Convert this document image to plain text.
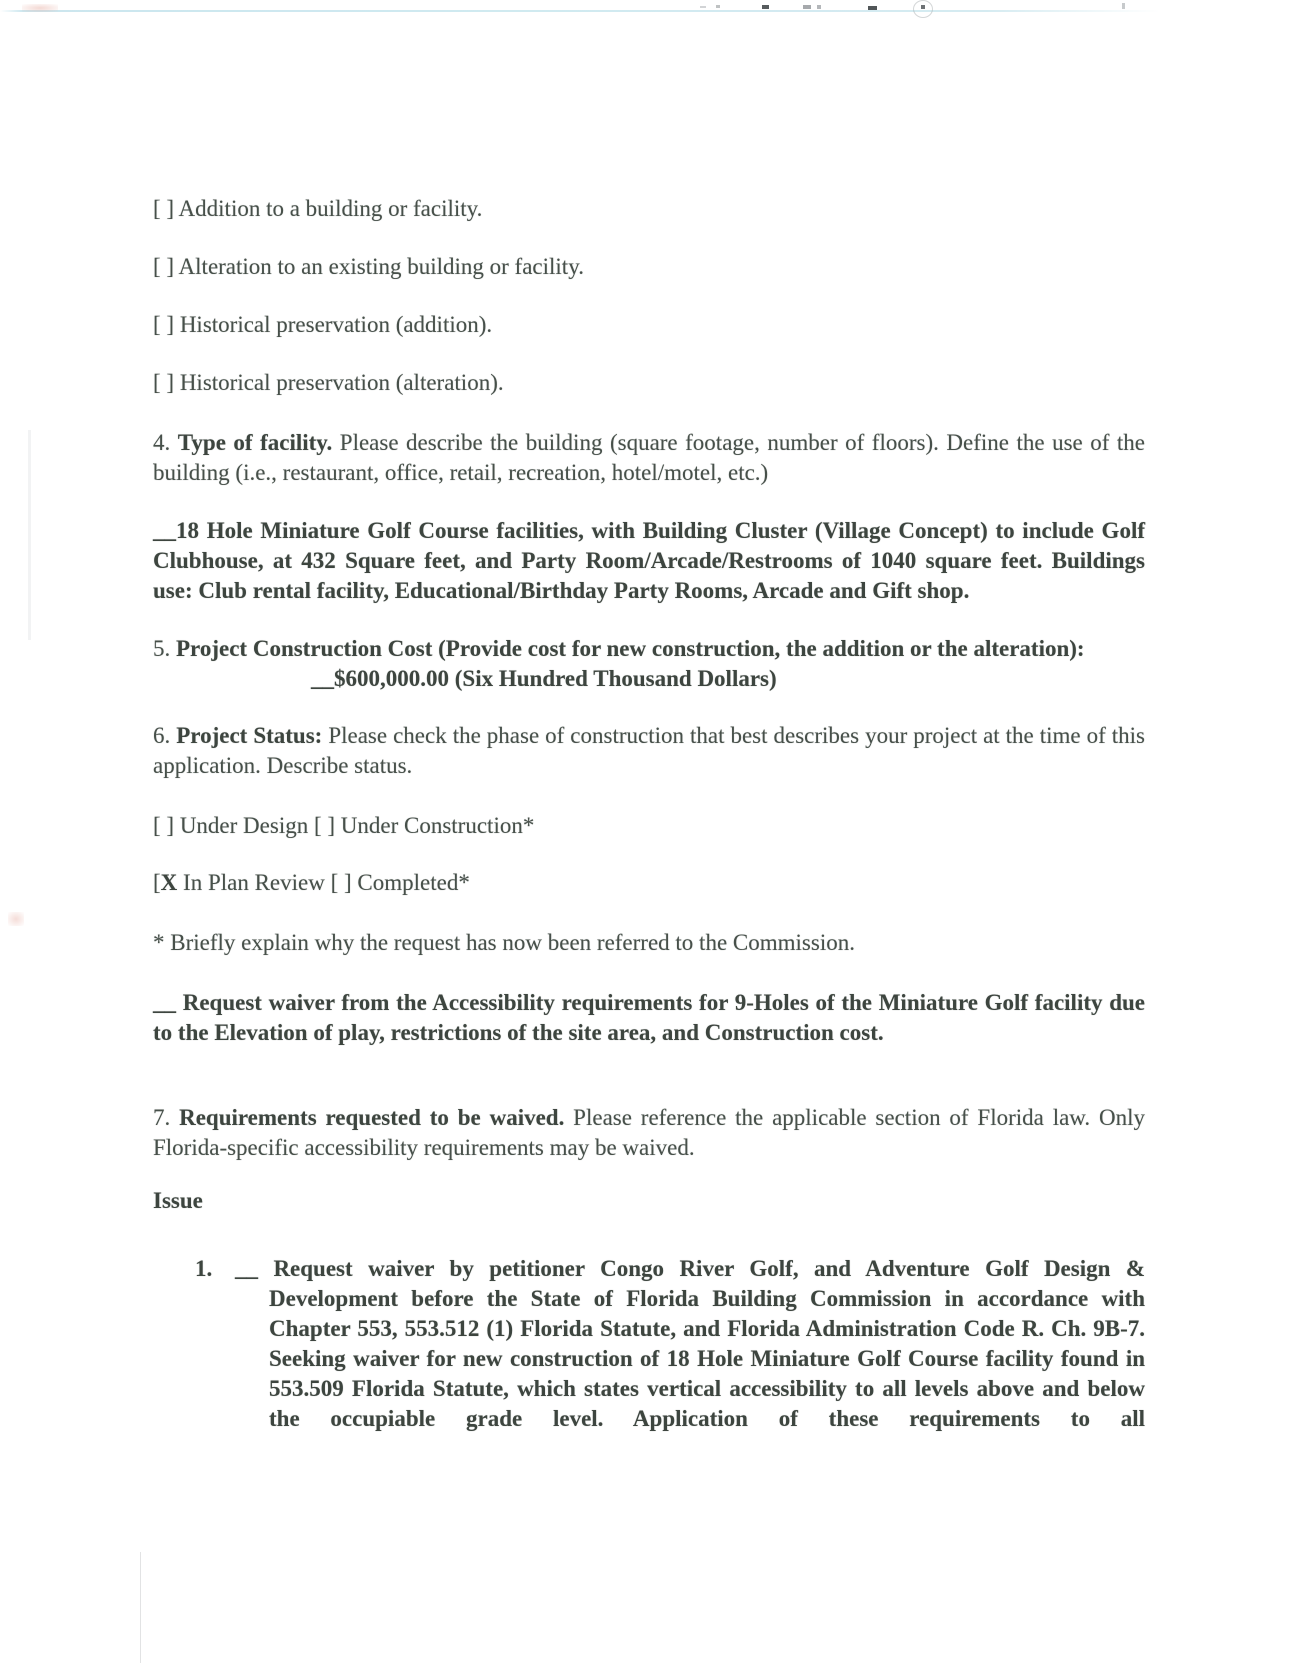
[ ] Addition to a building or facility.

[ ] Alteration to an existing building or facility.

[ ] Historical preservation (addition).

[ ] Historical preservation (alteration).

4. Type of facility. Please describe the building (square footage, number of floors). Define the use of the building (i.e., restaurant, office, retail, recreation, hotel/motel, etc.)

__18 Hole Miniature Golf Course facilities, with Building Cluster (Village Concept) to include Golf Clubhouse, at 432 Square feet, and Party Room/Arcade/Restrooms of 1040 square feet. Buildings use: Club rental facility, Educational/Birthday Party Rooms, Arcade and Gift shop.

5. Project Construction Cost (Provide cost for new construction, the addition or the alteration):

__$600,000.00 (Six Hundred Thousand Dollars)

6. Project Status: Please check the phase of construction that best describes your project at the time of this application. Describe status.

[ ] Under Design [ ] Under Construction*

[X In Plan Review [ ] Completed*

* Briefly explain why the request has now been referred to the Commission.

__ Request waiver from the Accessibility requirements for 9-Holes of the Miniature Golf facility due to the Elevation of play, restrictions of the site area, and Construction cost.

7. Requirements requested to be waived. Please reference the applicable section of Florida law. Only Florida-specific accessibility requirements may be waived.

Issue

1. __ Request waiver by petitioner Congo River Golf, and Adventure Golf Design & Development before the State of Florida Building Commission in accordance with Chapter 553, 553.512 (1) Florida Statute, and Florida Administration Code R. Ch. 9B-7. Seeking waiver for new construction of 18 Hole Miniature Golf Course facility found in 553.509 Florida Statute, which states vertical accessibility to all levels above and below the occupiable grade level. Application of these requirements to all
